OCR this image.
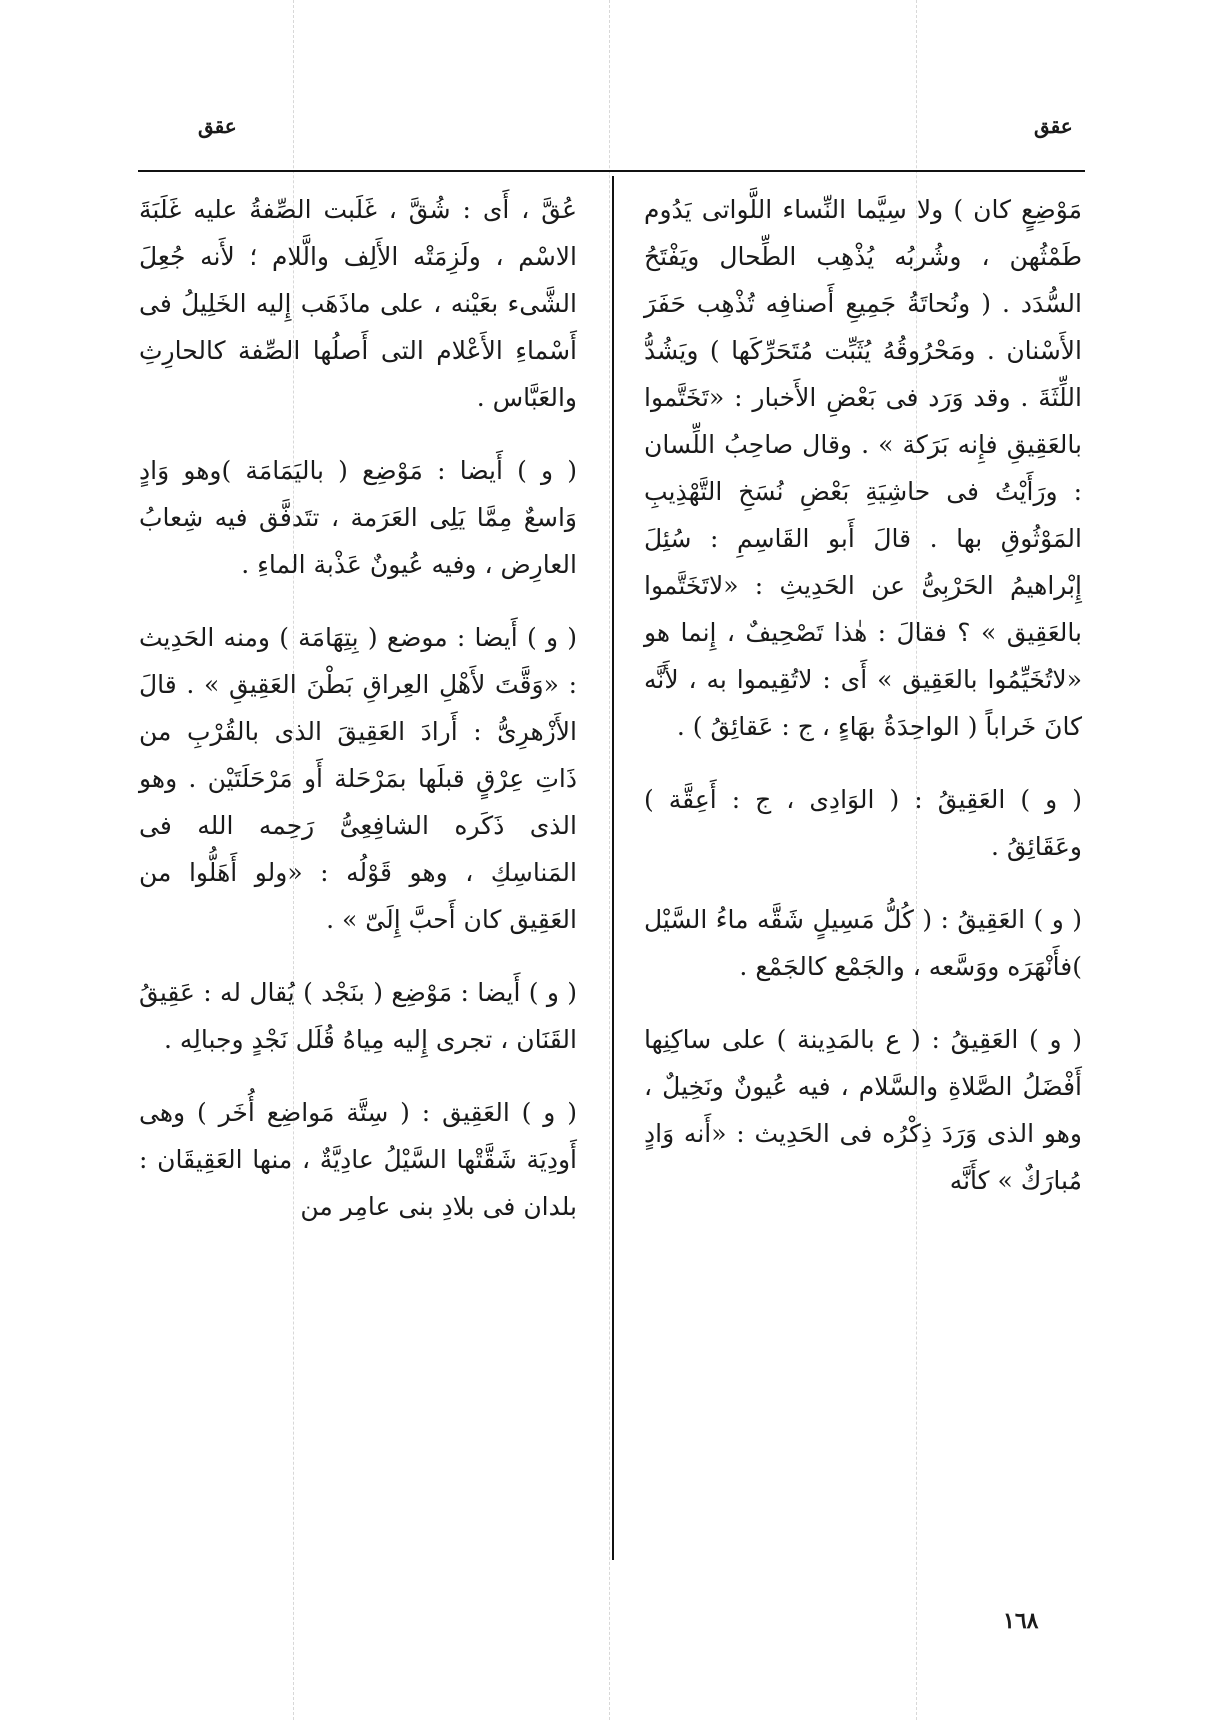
عقق	عقق

مَوْضِعٍ كان ) ولا سِيَّما النِّساء اللَّواتى يَدُوم طَمْثُهن ، وشُربُه يُذْهِب الطِّحال ويَفْتَحُ السُّدَد . ( ونُحاتَةُ جَمِيعِ أَصنافِه تُذْهِب حَفَرَ الأَسْنان . ومَحْرُوقُهُ يُثَبِّت مُتَحَرِّكَها ) ويَشُدُّ اللِّثَةَ . وقد وَرَد فى بَعْضِ الأَخبار : «تَخَتَّموا بالعَقِيقِ فإِنه بَرَكة » . وقال صاحِبُ اللِّسان : ورَأَيْتُ فى حاشِيَةِ بَعْضِ نُسَخِ التَّهْذِيبِ المَوْثُوقِ بها . قالَ أَبو القَاسِمِ : سُئِلَ إِبْراهيمُ الحَرْبِىُّ عن الحَدِيثِ : «لاتَخَتَّموا بالعَقِيق » ؟ فقالَ : هٰذا تَصْحِيفٌ ، إِنما هو «لاتُخَيِّمُوا بالعَقِيق » أَى : لاتُقِيموا به ، لأَنَّه كانَ خَراباً ( الواحِدَةُ بهَاءٍ ، ج : عَقائِقُ ) .

( و ) العَقِيقُ : ( الوَادِى ، ج : أَعِقَّة ) وعَقَائِقُ .

( و ) العَقِيقُ : ( كُلُّ مَسِيلٍ شَقَّه ماءُ السَّيْل )فأَنْهَرَه ووَسَّعه ، والجَمْع كالجَمْع .

( و ) العَقِيقُ : ( ع بالمَدِينة ) على ساكِنِها أَفْضَلُ الصَّلاةِ والسَّلام ، فيه عُيونٌ ونَخِيلٌ ، وهو الذى وَرَدَ ذِكْرُه فى الحَدِيث : «أَنه وَادٍ مُبارَكٌ » كأَنَّه

عُقَّ ، أَى : شُقَّ ، غَلَبت الصِّفةُ عليه غَلَبَةَ الاسْم ، ولَزِمَتْه الأَلِف والَّلام ؛ لأَنه جُعِلَ الشَّىء بعَيْنه ، على ماذَهَب إِليه الخَلِيلُ فى أَسْماءِ الأَعْلام التى أَصلُها الصِّفة كالحارِثِ والعَبَّاس .

( و ) أَيضا : مَوْضِع ( باليَمَامَة )وهو وَادٍ وَاسعٌ مِمَّا يَلِى العَرَمة ، تتَدفَّق فيه شِعابُ العارِض ، وفيه عُيونٌ عَذْبة الماءِ .

( و ) أَيضا : موضع ( بِتِهَامَة ) ومنه الحَدِيث : «وَقَّتَ لأَهْلِ العِراقِ بَطْنَ العَقِيقِ » . قالَ الأَزْهرِىُّ : أَرادَ العَقِيقَ الذى بالقُرْبِ من ذَاتِ عِرْقٍ قبلَها بمَرْحَلة أَو مَرْحَلَتَيْن . وهو الذى ذَكَره الشافِعِىُّ رَحِمه الله فى المَناسِكِ ، وهو قَوْلُه : «ولو أَهَلُّوا من العَقِيق كان أَحبَّ إِلَىّ » .

( و ) أَيضا : مَوْضِع ( بنَجْد ) يُقال له : عَقِيقُ القَنَان ، تجرى إِليه مِياهُ قُلَل نَجْدٍ وجبالِه .

( و ) العَقِيق : ( سِتَّة مَواضِع أُخَر ) وهى أَودِيَة شَقَّتْها السَّيْلُ عادِيَّةٌ ، منها العَقِيقَان : بلدان فى بلادِ بنى عامِر من

١٦٨
